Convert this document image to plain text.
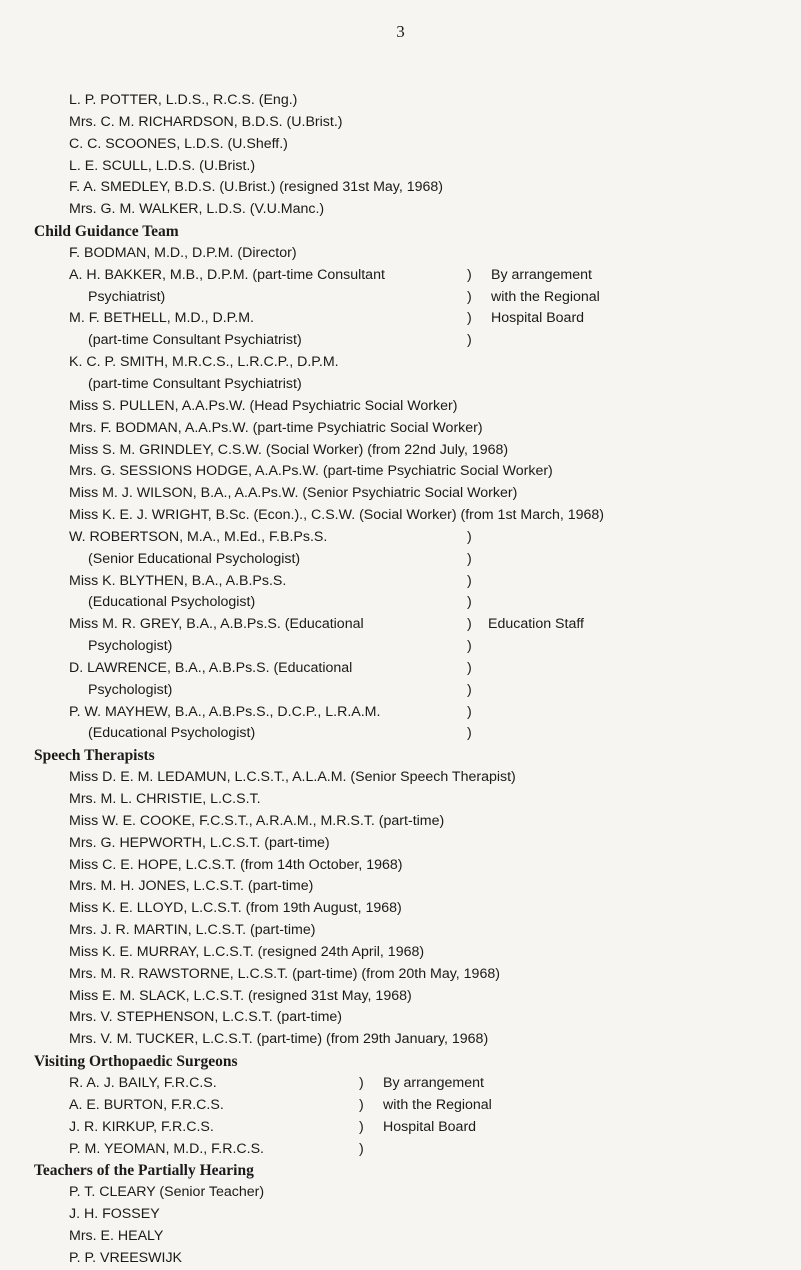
3
L. P. POTTER, L.D.S., R.C.S. (Eng.)
Mrs. C. M. RICHARDSON, B.D.S. (U.Brist.)
C. C. SCOONES, L.D.S. (U.Sheff.)
L. E. SCULL, L.D.S. (U.Brist.)
F. A. SMEDLEY, B.D.S. (U.Brist.) (resigned 31st May, 1968)
Mrs. G. M. WALKER, L.D.S. (V.U.Manc.)
Child Guidance Team
F. BODMAN, M.D., D.P.M. (Director)
A. H. BAKKER, M.B., D.P.M. (part-time Consultant	) By arrangement
Psychiatrist)	) with the Regional
M. F. BETHELL, M.D., D.P.M.	) Hospital Board
(part-time Consultant Psychiatrist)	)
K. C. P. SMITH, M.R.C.S., L.R.C.P., D.P.M.
(part-time Consultant Psychiatrist)
Miss S. PULLEN, A.A.Ps.W. (Head Psychiatric Social Worker)
Mrs. F. BODMAN, A.A.Ps.W. (part-time Psychiatric Social Worker)
Miss S. M. GRINDLEY, C.S.W. (Social Worker) (from 22nd July, 1968)
Mrs. G. SESSIONS HODGE, A.A.Ps.W. (part-time Psychiatric Social Worker)
Miss M. J. WILSON, B.A., A.A.Ps.W. (Senior Psychiatric Social Worker)
Miss K. E. J. WRIGHT, B.Sc. (Econ.)., C.S.W. (Social Worker) (from 1st March, 1968)
W. ROBERTSON, M.A., M.Ed., F.B.Ps.S.	)
(Senior Educational Psychologist)	)
Miss K. BLYTHEN, B.A., A.B.Ps.S.	)
(Educational Psychologist)	)
Miss M. R. GREY, B.A., A.B.Ps.S. (Educational	) Education Staff
Psychologist)	)
D. LAWRENCE, B.A., A.B.Ps.S. (Educational	)
Psychologist)	)
P. W. MAYHEW, B.A., A.B.Ps.S., D.C.P., L.R.A.M.	)
(Educational Psychologist)	)
Speech Therapists
Miss D. E. M. LEDAMUN, L.C.S.T., A.L.A.M. (Senior Speech Therapist)
Mrs. M. L. CHRISTIE, L.C.S.T.
Miss W. E. COOKE, F.C.S.T., A.R.A.M., M.R.S.T. (part-time)
Mrs. G. HEPWORTH, L.C.S.T. (part-time)
Miss C. E. HOPE, L.C.S.T. (from 14th October, 1968)
Mrs. M. H. JONES, L.C.S.T. (part-time)
Miss K. E. LLOYD, L.C.S.T. (from 19th August, 1968)
Mrs. J. R. MARTIN, L.C.S.T. (part-time)
Miss K. E. MURRAY, L.C.S.T. (resigned 24th April, 1968)
Mrs. M. R. RAWSTORNE, L.C.S.T. (part-time) (from 20th May, 1968)
Miss E. M. SLACK, L.C.S.T. (resigned 31st May, 1968)
Mrs. V. STEPHENSON, L.C.S.T. (part-time)
Mrs. V. M. TUCKER, L.C.S.T. (part-time) (from 29th January, 1968)
Visiting Orthopaedic Surgeons
R. A. J. BAILY, F.R.C.S.	) By arrangement
A. E. BURTON, F.R.C.S.	) with the Regional
J. R. KIRKUP, F.R.C.S.	) Hospital Board
P. M. YEOMAN, M.D., F.R.C.S.	)
Teachers of the Partially Hearing
P. T. CLEARY (Senior Teacher)
J. H. FOSSEY
Mrs. E. HEALY
P. P. VREESWIJK
